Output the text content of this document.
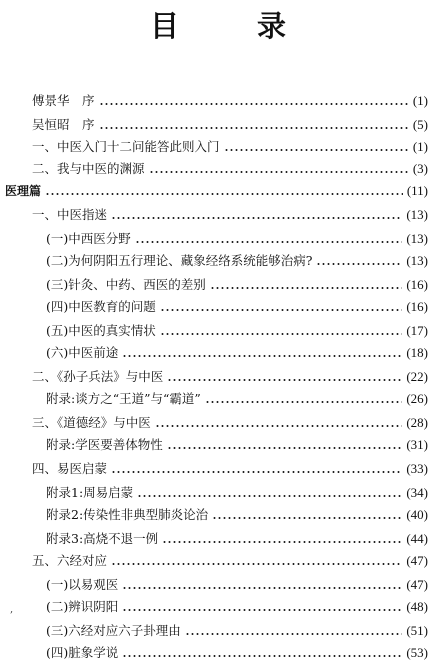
目 录
傅景华　序	(1)
吴恒昭　序	(5)
一、中医入门十二问能答此则入门	(1)
二、我与中医的渊源	(3)
医理篇	(11)
一、中医指迷	(13)
(一)中西医分野	(13)
(二)为何阴阳五行理论、藏象经络系统能够治病?	(13)
(三)针灸、中药、西医的差别	(16)
(四)中医教育的问题	(16)
(五)中医的真实情状	(17)
(六)中医前途	(18)
二、《孙子兵法》与中医	(22)
附录:谈方之“王道”与“霸道”	(26)
三、《道德经》与中医	(28)
附录:学医要善体物性	(31)
四、易医启蒙	(33)
附录1:周易启蒙	(34)
附录2:传染性非典型肺炎论治	(40)
附录3:高烧不退一例	(44)
五、六经对应	(47)
(一)以易观医	(47)
(二)辨识阴阳	(48)
(三)六经对应六子卦理由	(51)
(四)脏象学说	(53)
,
